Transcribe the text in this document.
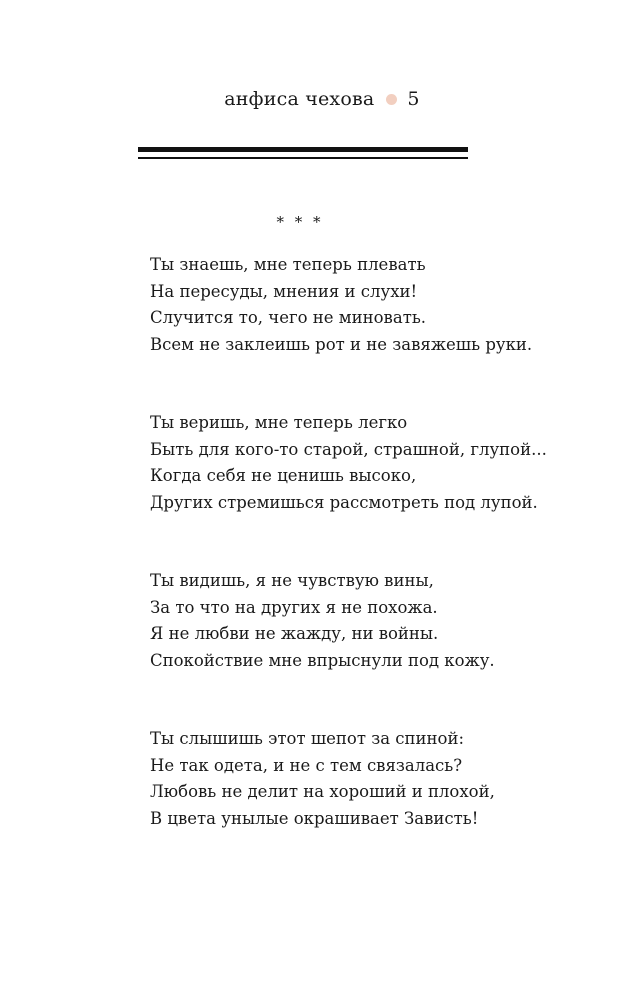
анфиса чехова 5
* * *
Ты знаешь, мне теперь плевать
На пересуды, мнения и слухи!
Случится то, чего не миновать.
Всем не заклеишь рот и не завяжешь руки.
Ты веришь, мне теперь легко
Быть для кого-то старой, страшной, глупой...
Когда себя не ценишь высоко,
Других стремишься рассмотреть под лупой.
Ты видишь, я не чувствую вины,
За то что на других я не похожа.
Я не любви не жажду, ни войны.
Спокойствие мне впрыснули под кожу.
Ты слышишь этот шепот за спиной:
Не так одета, и не с тем связалась?
Любовь не делит на хороший и плохой,
В цвета унылые окрашивает Зависть!
